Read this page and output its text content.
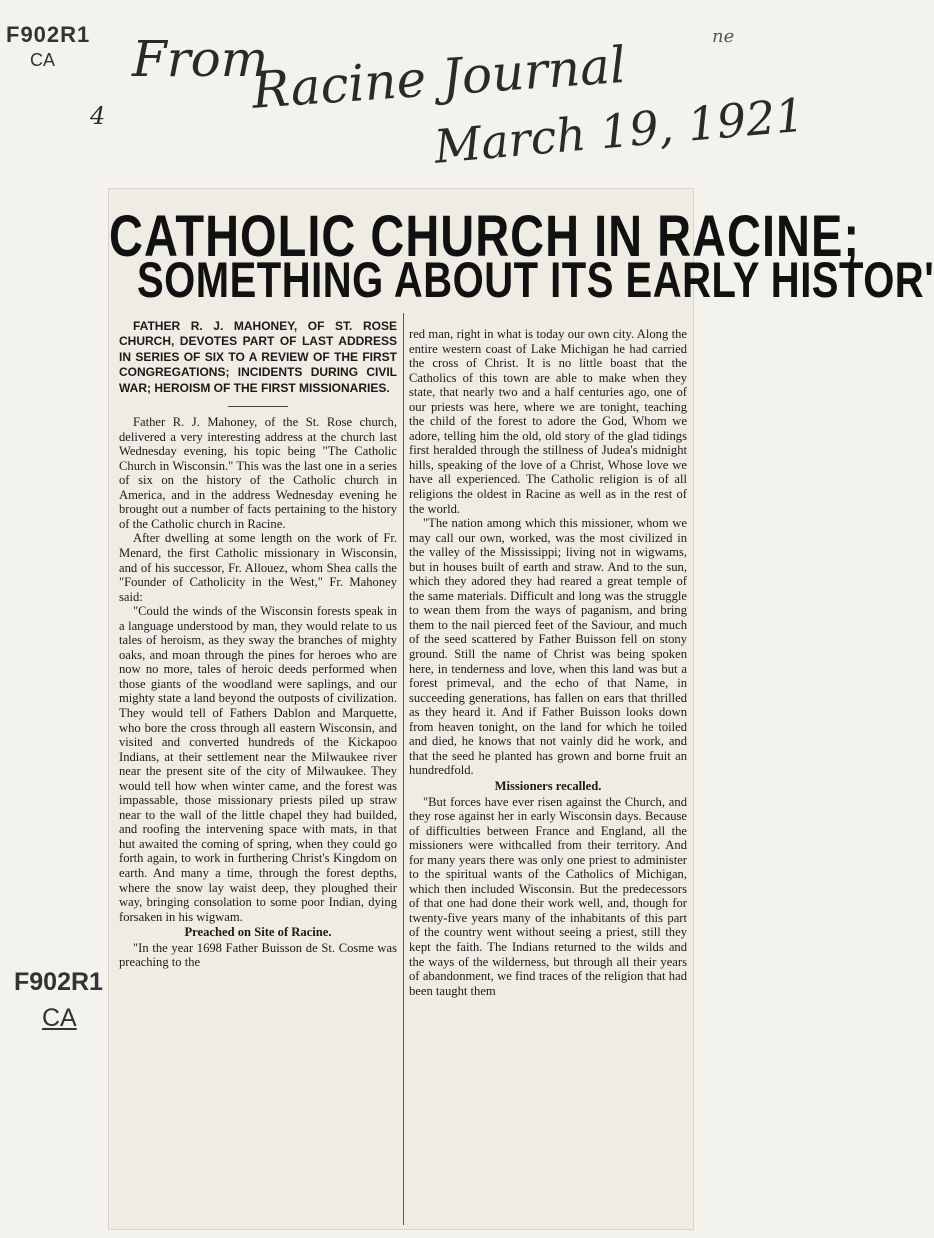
F902R1
CA
4
ne
From
Racine Journal
March 19, 1921
F902R1
CA
CATHOLIC CHURCH IN RACINE;
SOMETHING ABOUT ITS EARLY HISTOR'
FATHER R. J. MAHONEY, OF ST. ROSE CHURCH, DEVOTES PART OF LAST ADDRESS IN SERIES OF SIX TO A REVIEW OF THE FIRST CONGREGATIONS; INCIDENTS DURING CIVIL WAR; HEROISM OF THE FIRST MISSIONARIES.

Father R. J. Mahoney, of the St. Rose church, delivered a very interesting address at the church last Wednesday evening, his topic being "The Catholic Church in Wisconsin." This was the last one in a series of six on the history of the Catholic church in America, and in the address Wednesday evening he brought out a number of facts pertaining to the history of the Catholic church in Racine.

After dwelling at some length on the work of Fr. Menard, the first Catholic missionary in Wisconsin, and of his successor, Fr. Allouez, whom Shea calls the "Founder of Catholicity in the West," Fr. Mahoney said:

"Could the winds of the Wisconsin forests speak in a language understood by man, they would relate to us tales of heroism, as they sway the branches of mighty oaks, and moan through the pines for heroes who are now no more, tales of heroic deeds performed when those giants of the woodland were saplings, and our mighty state a land beyond the outposts of civilization. They would tell of Fathers Dablon and Marquette, who bore the cross through all eastern Wisconsin, and visited and converted hundreds of the Kickapoo Indians, at their settlement near the Milwaukee river near the present site of the city of Milwaukee. They would tell how when winter came, and the forest was impassable, those missionary priests piled up straw near to the wall of the little chapel they had builded, and roofing the intervening space with mats, in that hut awaited the coming of spring, when they could go forth again, to work in furthering Christ's Kingdom on earth. And many a time, through the forest depths, where the snow lay waist deep, they ploughed their way, bringing consolation to some poor Indian, dying forsaken in his wigwam.

Preached on Site of Racine.

"In the year 1698 Father Buisson de St. Cosme was preaching to the

red man, right in what is today our own city. Along the entire western coast of Lake Michigan he had carried the cross of Christ. It is no little boast that the Catholics of this town are able to make when they state, that nearly two and a half centuries ago, one of our priests was here, where we are tonight, teaching the child of the forest to adore the God, Whom we adore, telling him the old, old story of the glad tidings first heralded through the stillness of Judea's midnight hills, speaking of the love of a Christ, Whose love we have all experienced. The Catholic religion is of all religions the oldest in Racine as well as in the rest of the world.

"The nation among which this missioner, whom we may call our own, worked, was the most civilized in the valley of the Mississippi; living not in wigwams, but in houses built of earth and straw. And to the sun, which they adored they had reared a great temple of the same materials. Difficult and long was the struggle to wean them from the ways of paganism, and bring them to the nail pierced feet of the Saviour, and much of the seed scattered by Father Buisson fell on stony ground. Still the name of Christ was being spoken here, in tenderness and love, when this land was but a forest primeval, and the echo of that Name, in succeeding generations, has fallen on ears that thrilled as they heard it. And if Father Buisson looks down from heaven tonight, on the land for which he toiled and died, he knows that not vainly did he work, and that the seed he planted has grown and borne fruit an hundredfold.

Missioners recalled.

"But forces have ever risen against the Church, and they rose against her in early Wisconsin days. Because of difficulties between France and England, all the missioners were withcalled from their territory. And for many years there was only one priest to administer to the spiritual wants of the Catholics of Michigan, which then included Wisconsin. But the predecessors of that one had done their work well, and, though for twenty-five years many of the inhabitants of this part of the country went without seeing a priest, still they kept the faith. The Indians returned to the wilds and the ways of the wilderness, but through all their years of abandonment, we find traces of the religion that had been taught them
